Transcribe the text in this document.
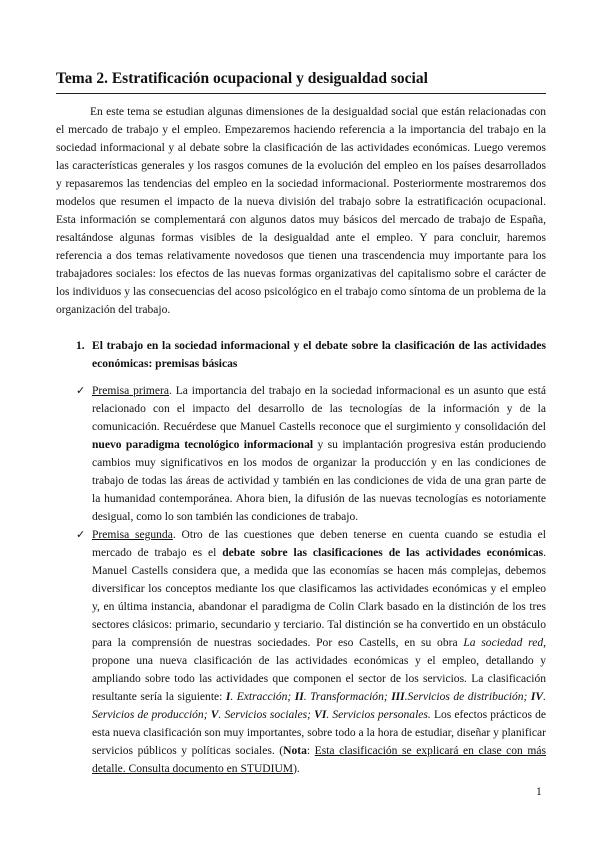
Tema 2. Estratificación ocupacional y desigualdad social

En este tema se estudian algunas dimensiones de la desigualdad social que están relacionadas con el mercado de trabajo y el empleo. Empezaremos haciendo referencia a la importancia del trabajo en la sociedad informacional y al debate sobre la clasificación de las actividades económicas. Luego veremos las características generales y los rasgos comunes de la evolución del empleo en los países desarrollados y repasaremos las tendencias del empleo en la sociedad informacional. Posteriormente mostraremos dos modelos que resumen el impacto de la nueva división del trabajo sobre la estratificación ocupacional. Esta información se complementará con algunos datos muy básicos del mercado de trabajo de España, resaltándose algunas formas visibles de la desigualdad ante el empleo. Y para concluir, haremos referencia a dos temas relativamente novedosos que tienen una trascendencia muy importante para los trabajadores sociales: los efectos de las nuevas formas organizativas del capitalismo sobre el carácter de los individuos y las consecuencias del acoso psicológico en el trabajo como síntoma de un problema de la organización del trabajo.

1. El trabajo en la sociedad informacional y el debate sobre la clasificación de las actividades económicas: premisas básicas
✓ Premisa primera. La importancia del trabajo en la sociedad informacional es un asunto que está relacionado con el impacto del desarrollo de las tecnologías de la información y de la comunicación. Recuérdese que Manuel Castells reconoce que el surgimiento y consolidación del nuevo paradigma tecnológico informacional y su implantación progresiva están produciendo cambios muy significativos en los modos de organizar la producción y en las condiciones de trabajo de todas las áreas de actividad y también en las condiciones de vida de una gran parte de la humanidad contemporánea. Ahora bien, la difusión de las nuevas tecnologías es notoriamente desigual, como lo son también las condiciones de trabajo.
✓ Premisa segunda. Otro de las cuestiones que deben tenerse en cuenta cuando se estudia el mercado de trabajo es el debate sobre las clasificaciones de las actividades económicas. Manuel Castells considera que, a medida que las economías se hacen más complejas, debemos diversificar los conceptos mediante los que clasificamos las actividades económicas y el empleo y, en última instancia, abandonar el paradigma de Colin Clark basado en la distinción de los tres sectores clásicos: primario, secundario y terciario. Tal distinción se ha convertido en un obstáculo para la comprensión de nuestras sociedades. Por eso Castells, en su obra La sociedad red, propone una nueva clasificación de las actividades económicas y el empleo, detallando y ampliando sobre todo las actividades que componen el sector de los servicios. La clasificación resultante sería la siguiente: I. Extracción; II. Transformación; III.Servicios de distribución; IV. Servicios de producción; V. Servicios sociales; VI. Servicios personales. Los efectos prácticos de esta nueva clasificación son muy importantes, sobre todo a la hora de estudiar, diseñar y planificar servicios públicos y políticas sociales. (Nota: Esta clasificación se explicará en clase con más detalle. Consulta documento en STUDIUM).
1
